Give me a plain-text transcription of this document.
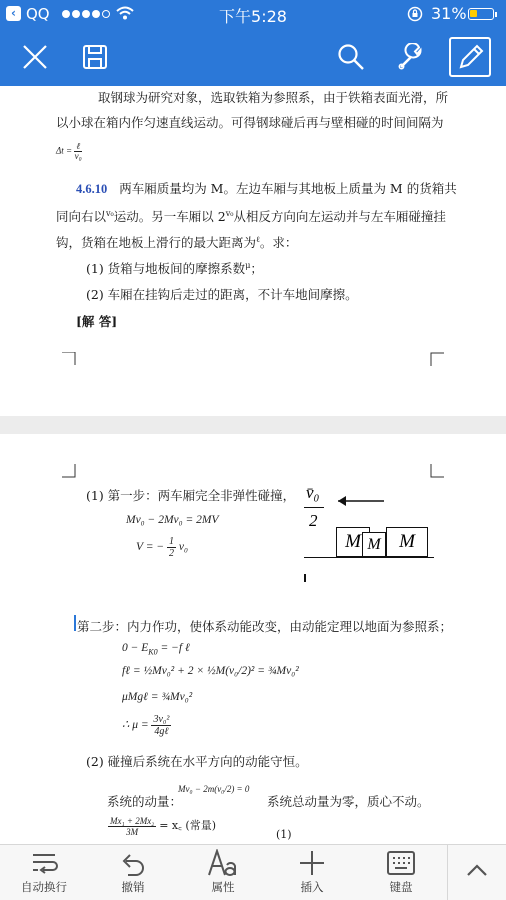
‹ QQ	下午5:28	31%
取钢球为研究对象，选取铁箱为参照系，由于铁箱表面光滑，所
以小球在箱内作匀速直线运动。可得钢球碰后再与壁相碰的时间间隔为
$\Delta t = \frac{\text{ℓ}}{\text{v₀}}$
4.6.10 两车厢质量均为 M。左边车厢与其地板上质量为 M 的货箱共
同向右以$^{v_0}$运动。另一车厢以 $2^{v_0}$从相反方向向左运动并与左车厢碰撞挂
钩，货箱在地板上滑行的最大距离为$^\ell$。求：
(1) 货箱与地板间的摩擦系数$^\mu$；
(2) 车厢在挂钩后走过的距离，不计车地间摩擦。
[解 答]
(1) 第一步：两车厢完全非弹性碰撞，
Mv₀ − 2Mv₀ = 2MV
V = − $\frac{1}{2} v_0$
v̄₀
2
M M M
第二步：内力作功，使体系动能改变，由动能定理以地面为参照系；
$0 - E_{K0} = -f$ ℓ
fℓ = ½Mv₀² + 2 × ½M(v₀/2)² = ¾Mv₀²
μMgℓ = ¾Mv₀²
∴ $\mu = \frac{\text{3v₀²}}{\text{4gℓ}}$
(2) 碰撞后系统在水平方向的动能守恒。
系统的动量：
Mv₀ − 2m(v₀/2) = 0
系统总动量为零，质心不动。
$\frac{\text{Mx₁ + 2Mx₂}}{3M}$ = x꜀ (常量)
(1)
自动换行	撤销	属性	插入	键盘
